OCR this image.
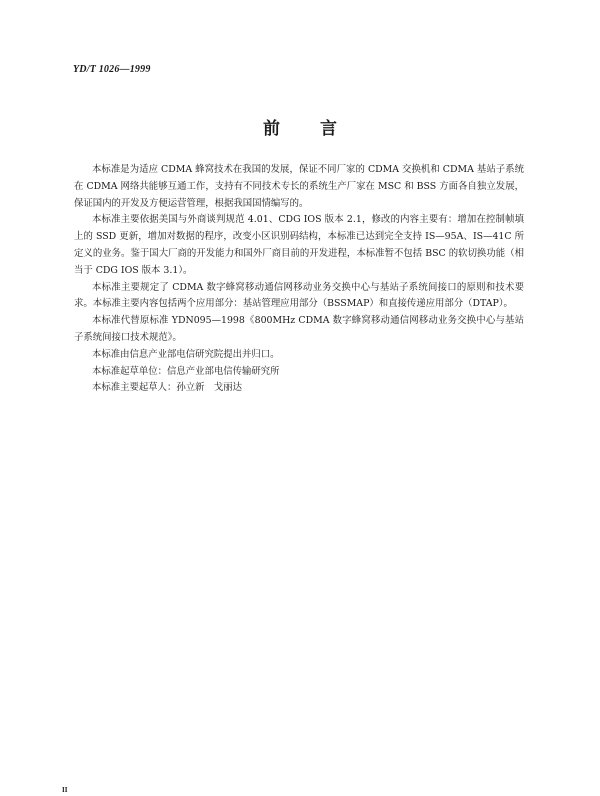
YD/T 1026—1999
前言

本标准是为适应 CDMA 蜂窝技术在我国的发展，保证不同厂家的 CDMA 交换机和 CDMA 基站子系统在 CDMA 网络共能够互通工作，支持有不同技术专长的系统生产厂家在 MSC 和 BSS 方面各自独立发展，保证国内的开发及方便运营管理，根据我国国情编写的。

本标准主要依据美国与外商谈判规范 4.01、CDG IOS 版本 2.1，修改的内容主要有：增加在控制帧填上的 SSD 更新，增加对数据的程序，改变小区识别码结构，本标准已达到完全支持 IS—95A、IS—41C 所定义的业务。鉴于国大厂商的开发能力和国外厂商目前的开发进程，本标准暂不包括 BSC 的软切换功能（相当于 CDG IOS 版本 3.1）。

本标准主要规定了 CDMA 数字蜂窝移动通信网移动业务交换中心与基站子系统间接口的原则和技术要求。本标准主要内容包括两个应用部分：基站管理应用部分（BSSMAP）和直接传递应用部分（DTAP）。

本标准代替原标准 YDN095—1998《800MHz CDMA 数字蜂窝移动通信网移动业务交换中心与基站子系统间接口技术规范》。

本标准由信息产业部电信研究院提出并归口。

本标准起草单位：信息产业部电信传输研究所

本标准主要起草人：孙立新　戈丽达

II
